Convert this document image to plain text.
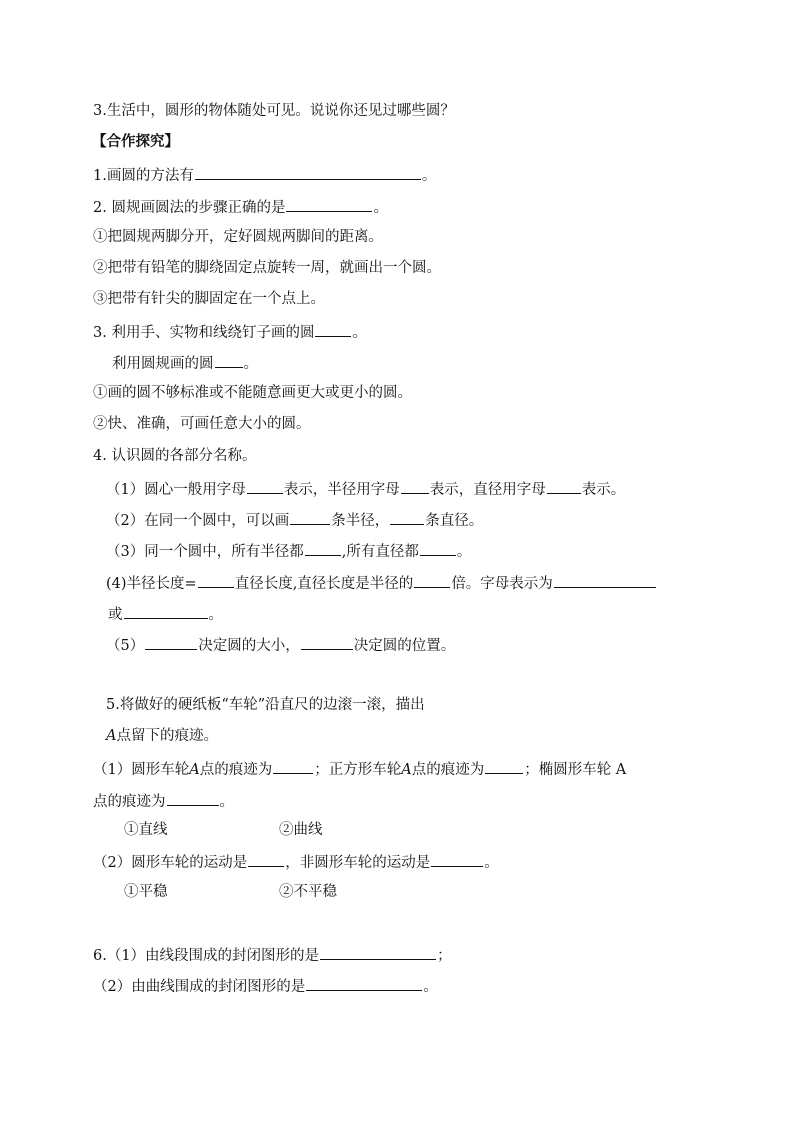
3.生活中，圆形的物体随处可见。说说你还见过哪些圆？
【合作探究】
1.画圆的方法有	。
2. 圆规画圆法的步骤正确的是	。
①把圆规两脚分开，定好圆规两脚间的距离。
②把带有铅笔的脚绕固定点旋转一周，就画出一个圆。
③把带有针尖的脚固定在一个点上。
3. 利用手、实物和线绕钉子画的圆	。
利用圆规画的圆 。
①画的圆不够标准或不能随意画更大或更小的圆。
②快、准确，可画任意大小的圆。
4. 认识圆的各部分名称。
（1）圆心一般用字母	表示，半径用字母 表示，直径用字母 表示。
（2）在同一个圆中，可以画	条半径， 条直径。
（3）同一个圆中，所有半径都	,所有直径都	。
(4)半径长度=	直径长度,直径长度是半径的	倍。字母表示为
或	。
（5）	决定圆的大小，	决定圆的位置。
5.将做好的硬纸板“车轮”沿直尺的边滚一滚，描出
A点留下的痕迹。
（1）圆形车轮A点的痕迹为	；正方形车轮A点的痕迹为	；椭圆形车轮 A
点的痕迹为	。
①直线	②曲线
（2）圆形车轮的运动是	，非圆形车轮的运动是	。
①平稳	②不平稳
6.（1）由线段围成的封闭图形的是	；
（2）由曲线围成的封闭图形的是	。
